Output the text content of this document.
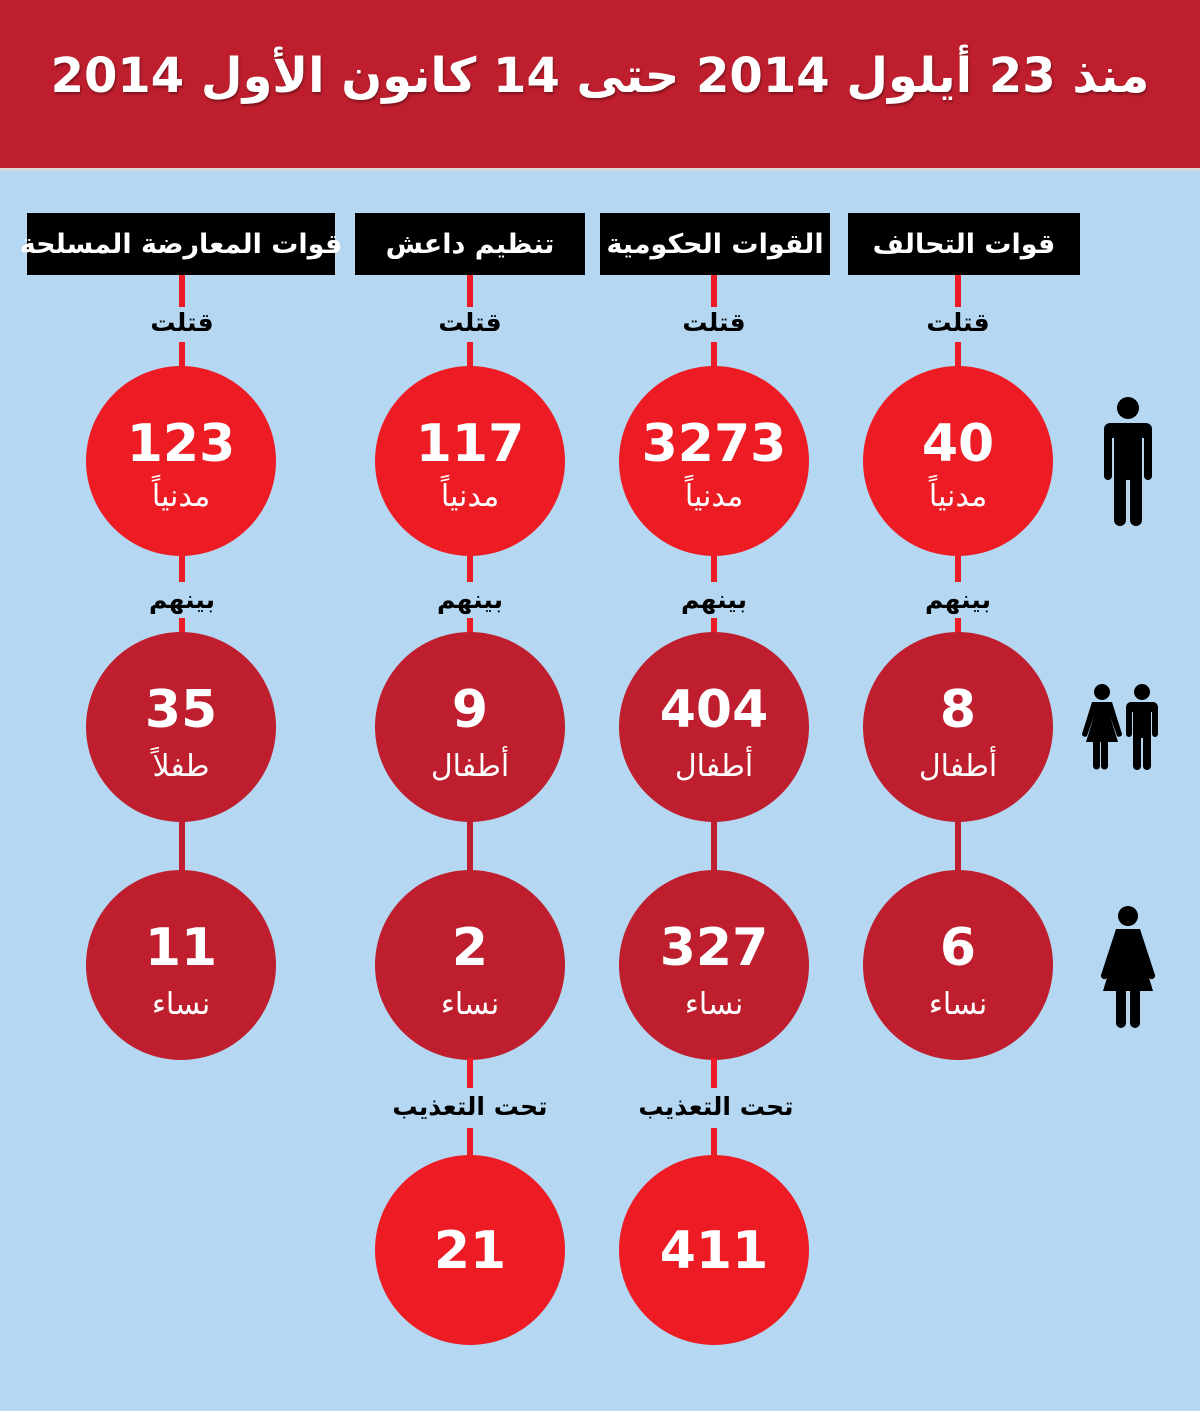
منذ 23 أيلول 2014 حتى 14 كانون الأول 2014
قوات المعارضة المسلحة
قتلت
123
مدنياً
بينهم
35
طفلاً
11
نساء
تنظيم داعش
قتلت
117
مدنياً
بينهم
9
أطفال
2
نساء
تحت التعذيب
21
القوات الحكومية
قتلت
3273
مدنياً
بينهم
404
أطفال
327
نساء
تحت التعذيب
411
قوات التحالف
قتلت
40
مدنياً
بينهم
8
أطفال
6
نساء
